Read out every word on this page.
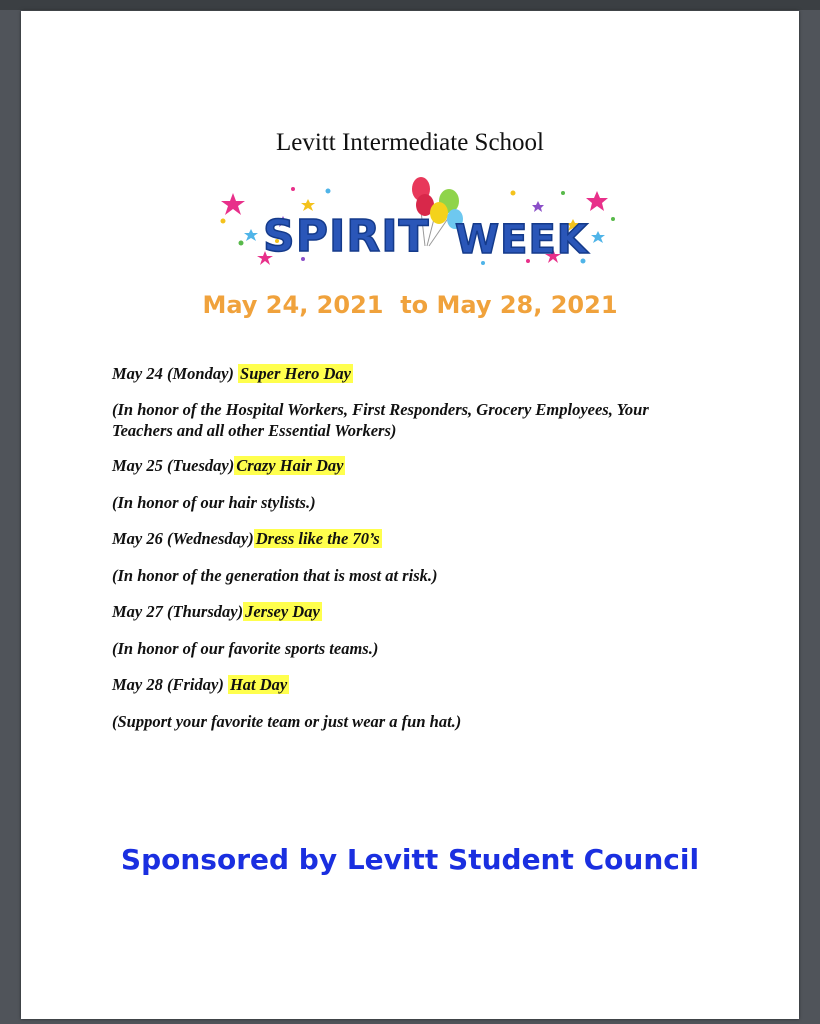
Levitt Intermediate School
SPIRIT WEEK
May 24, 2021  to May 28, 2021
May 24 (Monday) Super Hero Day
(In honor of the Hospital Workers, First Responders, Grocery Employees, Your Teachers and all other Essential Workers)
May 25 (Tuesday) Crazy Hair Day
(In honor of our hair stylists.)
May 26 (Wednesday) Dress like the 70’s
(In honor of the generation that is most at risk.)
May 27 (Thursday) Jersey Day
(In honor of our favorite sports teams.)
May 28 (Friday) Hat Day
(Support your favorite team or just wear a fun hat.)
Sponsored by Levitt Student Council
